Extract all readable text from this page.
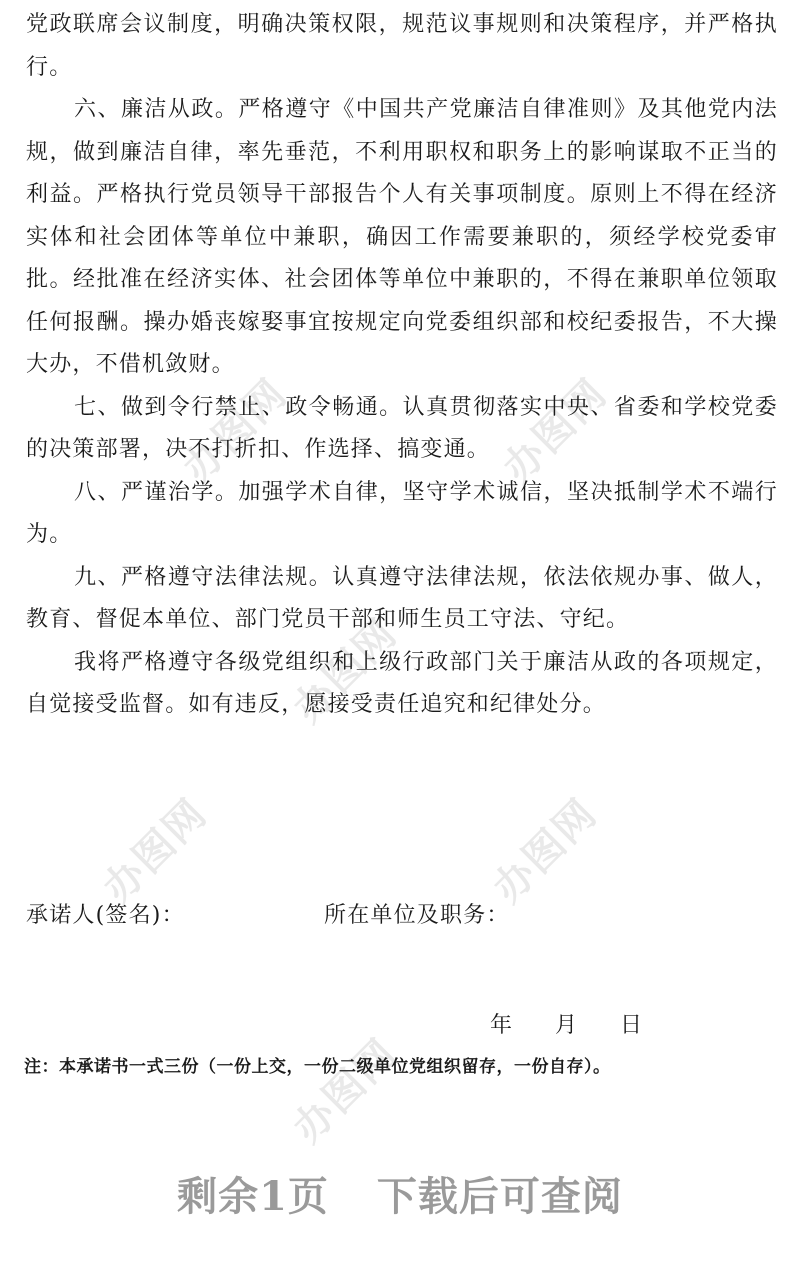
办图网	办图网
办图网
办图网	办图网
办图网

党政联席会议制度，明确决策权限，规范议事规则和决策程序，并严格执行。

六、廉洁从政。严格遵守《中国共产党廉洁自律准则》及其他党内法规，做到廉洁自律，率先垂范，不利用职权和职务上的影响谋取不正当的利益。严格执行党员领导干部报告个人有关事项制度。原则上不得在经济实体和社会团体等单位中兼职，确因工作需要兼职的，须经学校党委审批。经批准在经济实体、社会团体等单位中兼职的，不得在兼职单位领取任何报酬。操办婚丧嫁娶事宜按规定向党委组织部和校纪委报告，不大操大办，不借机敛财。

七、做到令行禁止、政令畅通。认真贯彻落实中央、省委和学校党委的决策部署，决不打折扣、作选择、搞变通。

八、严谨治学。加强学术自律，坚守学术诚信，坚决抵制学术不端行为。

九、严格遵守法律法规。认真遵守法律法规，依法依规办事、做人，教育、督促本单位、部门党员干部和师生员工守法、守纪。

我将严格遵守各级党组织和上级行政部门关于廉洁从政的各项规定，自觉接受监督。如有违反，愿接受责任追究和纪律处分。

承诺人(签名)：	所在单位及职务：
年 月 日
注：本承诺书一式三份（一份上交，一份二级单位党组织留存，一份自存）。
剩余1页 下载后可查阅
